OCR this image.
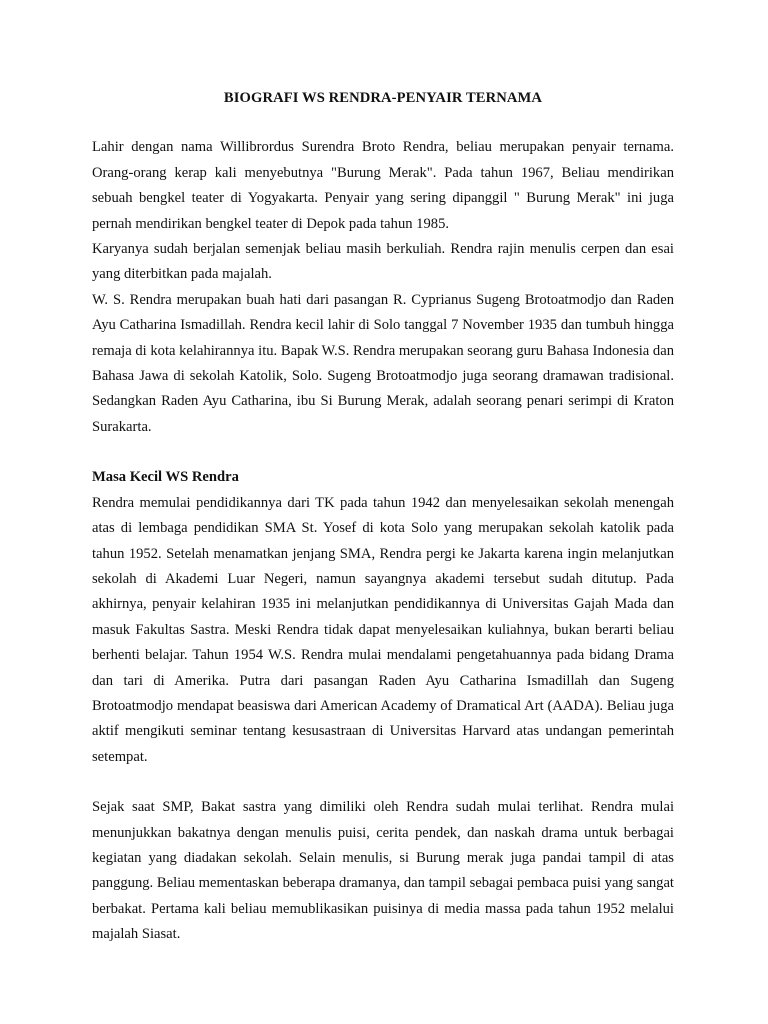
BIOGRAFI WS RENDRA-PENYAIR TERNAMA

Lahir dengan nama Willibrordus Surendra Broto Rendra, beliau merupakan penyair ternama. Orang-orang kerap kali menyebutnya "Burung Merak". Pada tahun 1967, Beliau mendirikan sebuah bengkel teater di Yogyakarta. Penyair yang sering dipanggil " Burung Merak" ini juga pernah mendirikan bengkel teater di Depok pada tahun 1985.

Karyanya sudah berjalan semenjak beliau masih berkuliah. Rendra rajin menulis cerpen dan esai yang diterbitkan pada majalah.

W. S. Rendra merupakan buah hati dari pasangan R. Cyprianus Sugeng Brotoatmodjo dan Raden Ayu Catharina Ismadillah. Rendra kecil lahir di Solo tanggal 7 November 1935 dan tumbuh hingga remaja di kota kelahirannya itu. Bapak W.S. Rendra merupakan seorang guru Bahasa Indonesia dan Bahasa Jawa di sekolah Katolik, Solo. Sugeng Brotoatmodjo juga seorang dramawan tradisional. Sedangkan Raden Ayu Catharina, ibu Si Burung Merak, adalah seorang penari serimpi di Kraton Surakarta.

Masa Kecil WS Rendra

Rendra memulai pendidikannya dari TK pada tahun 1942 dan menyelesaikan sekolah menengah atas di lembaga pendidikan SMA St. Yosef di kota Solo yang merupakan sekolah katolik pada tahun 1952. Setelah menamatkan jenjang SMA, Rendra pergi ke Jakarta karena ingin melanjutkan sekolah di Akademi Luar Negeri, namun sayangnya akademi tersebut sudah ditutup. Pada akhirnya, penyair kelahiran 1935 ini melanjutkan pendidikannya di Universitas Gajah Mada dan masuk Fakultas Sastra. Meski Rendra tidak dapat menyelesaikan kuliahnya, bukan berarti beliau berhenti belajar. Tahun 1954 W.S. Rendra mulai mendalami pengetahuannya pada bidang Drama dan tari di Amerika. Putra dari pasangan Raden Ayu Catharina Ismadillah dan Sugeng Brotoatmodjo mendapat beasiswa dari American Academy of Dramatical Art (AADA). Beliau juga aktif mengikuti seminar tentang kesusastraan di Universitas Harvard atas undangan pemerintah setempat.

Sejak saat SMP, Bakat sastra yang dimiliki oleh Rendra sudah mulai terlihat. Rendra mulai menunjukkan bakatnya dengan menulis puisi, cerita pendek, dan naskah drama untuk berbagai kegiatan yang diadakan sekolah. Selain menulis, si Burung merak juga pandai tampil di atas panggung. Beliau mementaskan beberapa dramanya, dan tampil sebagai pembaca puisi yang sangat berbakat. Pertama kali beliau memublikasikan puisinya di media massa pada tahun 1952 melalui majalah Siasat.
